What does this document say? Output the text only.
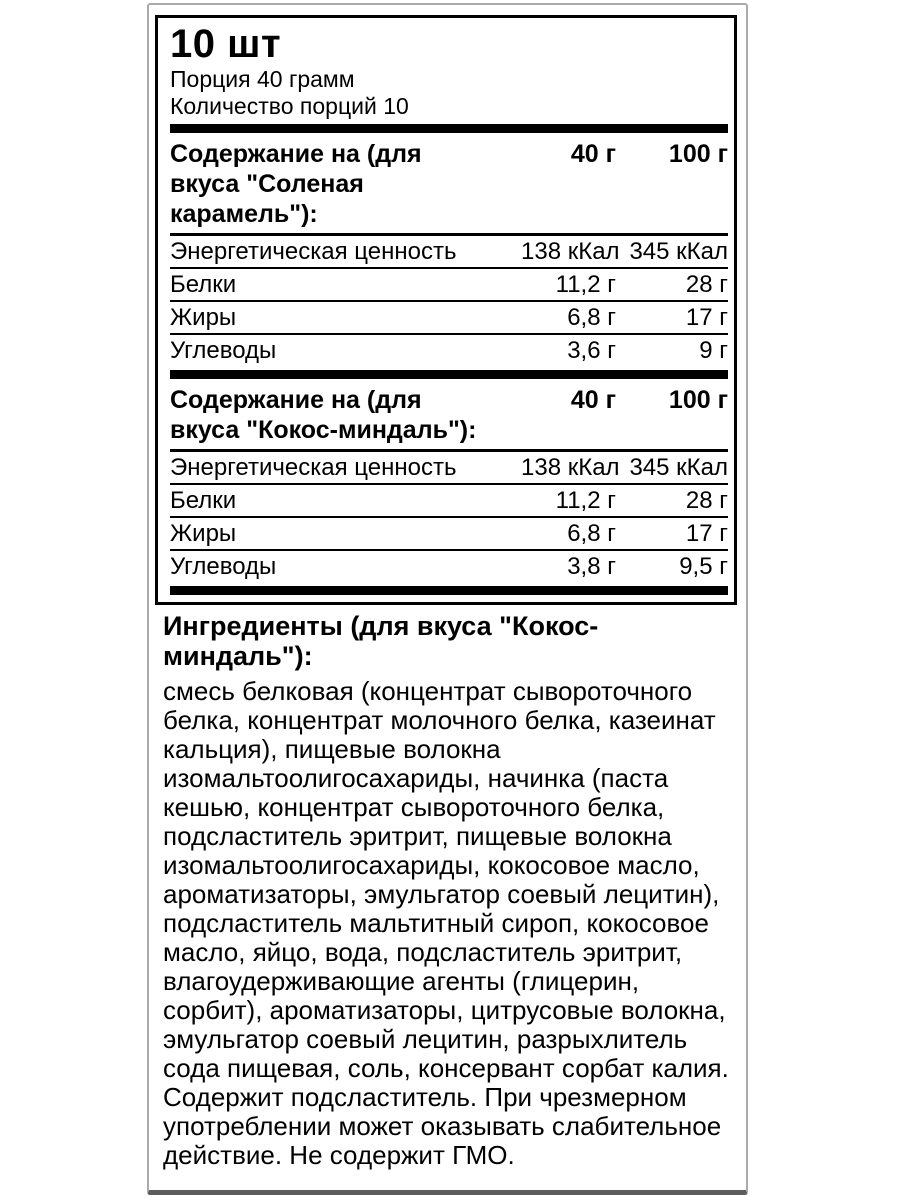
10 шт
Порция 40 грамм
Количество порций 10
Содержание на (для
вкуса "Соленая
карамель"):
40 г	100 г
Энергетическая ценность	138 кКал 345 кКал
Белки	11,2 г	28 г
Жиры	6,8 г	17 г
Углеводы	3,6 г	9 г
Содержание на (для
вкуса "Кокос-миндаль"):
40 г	100 г
Энергетическая ценность	138 кКал 345 кКал
Белки	11,2 г	28 г
Жиры	6,8 г	17 г
Углеводы	3,8 г	9,5 г
Ингредиенты (для вкуса "Кокос-миндаль"):

смесь белковая (концентрат сывороточного белка, концентрат молочного белка, казеинат кальция), пищевые волокна изомальтоолигосахариды, начинка (паста кешью, концентрат сывороточного белка, подсластитель эритрит, пищевые волокна изомальтоолигосахариды, кокосовое масло, ароматизаторы, эмульгатор соевый лецитин), подсластитель мальтитный сироп, кокосовое масло, яйцо, вода, подсластитель эритрит, влагоудерживающие агенты (глицерин, сорбит), ароматизаторы, цитрусовые волокна, эмульгатор соевый лецитин, разрыхлитель сода пищевая, соль, консервант сорбат калия. Содержит подсластитель. При чрезмерном употреблении может оказывать слабительное действие. Не содержит ГМО.
